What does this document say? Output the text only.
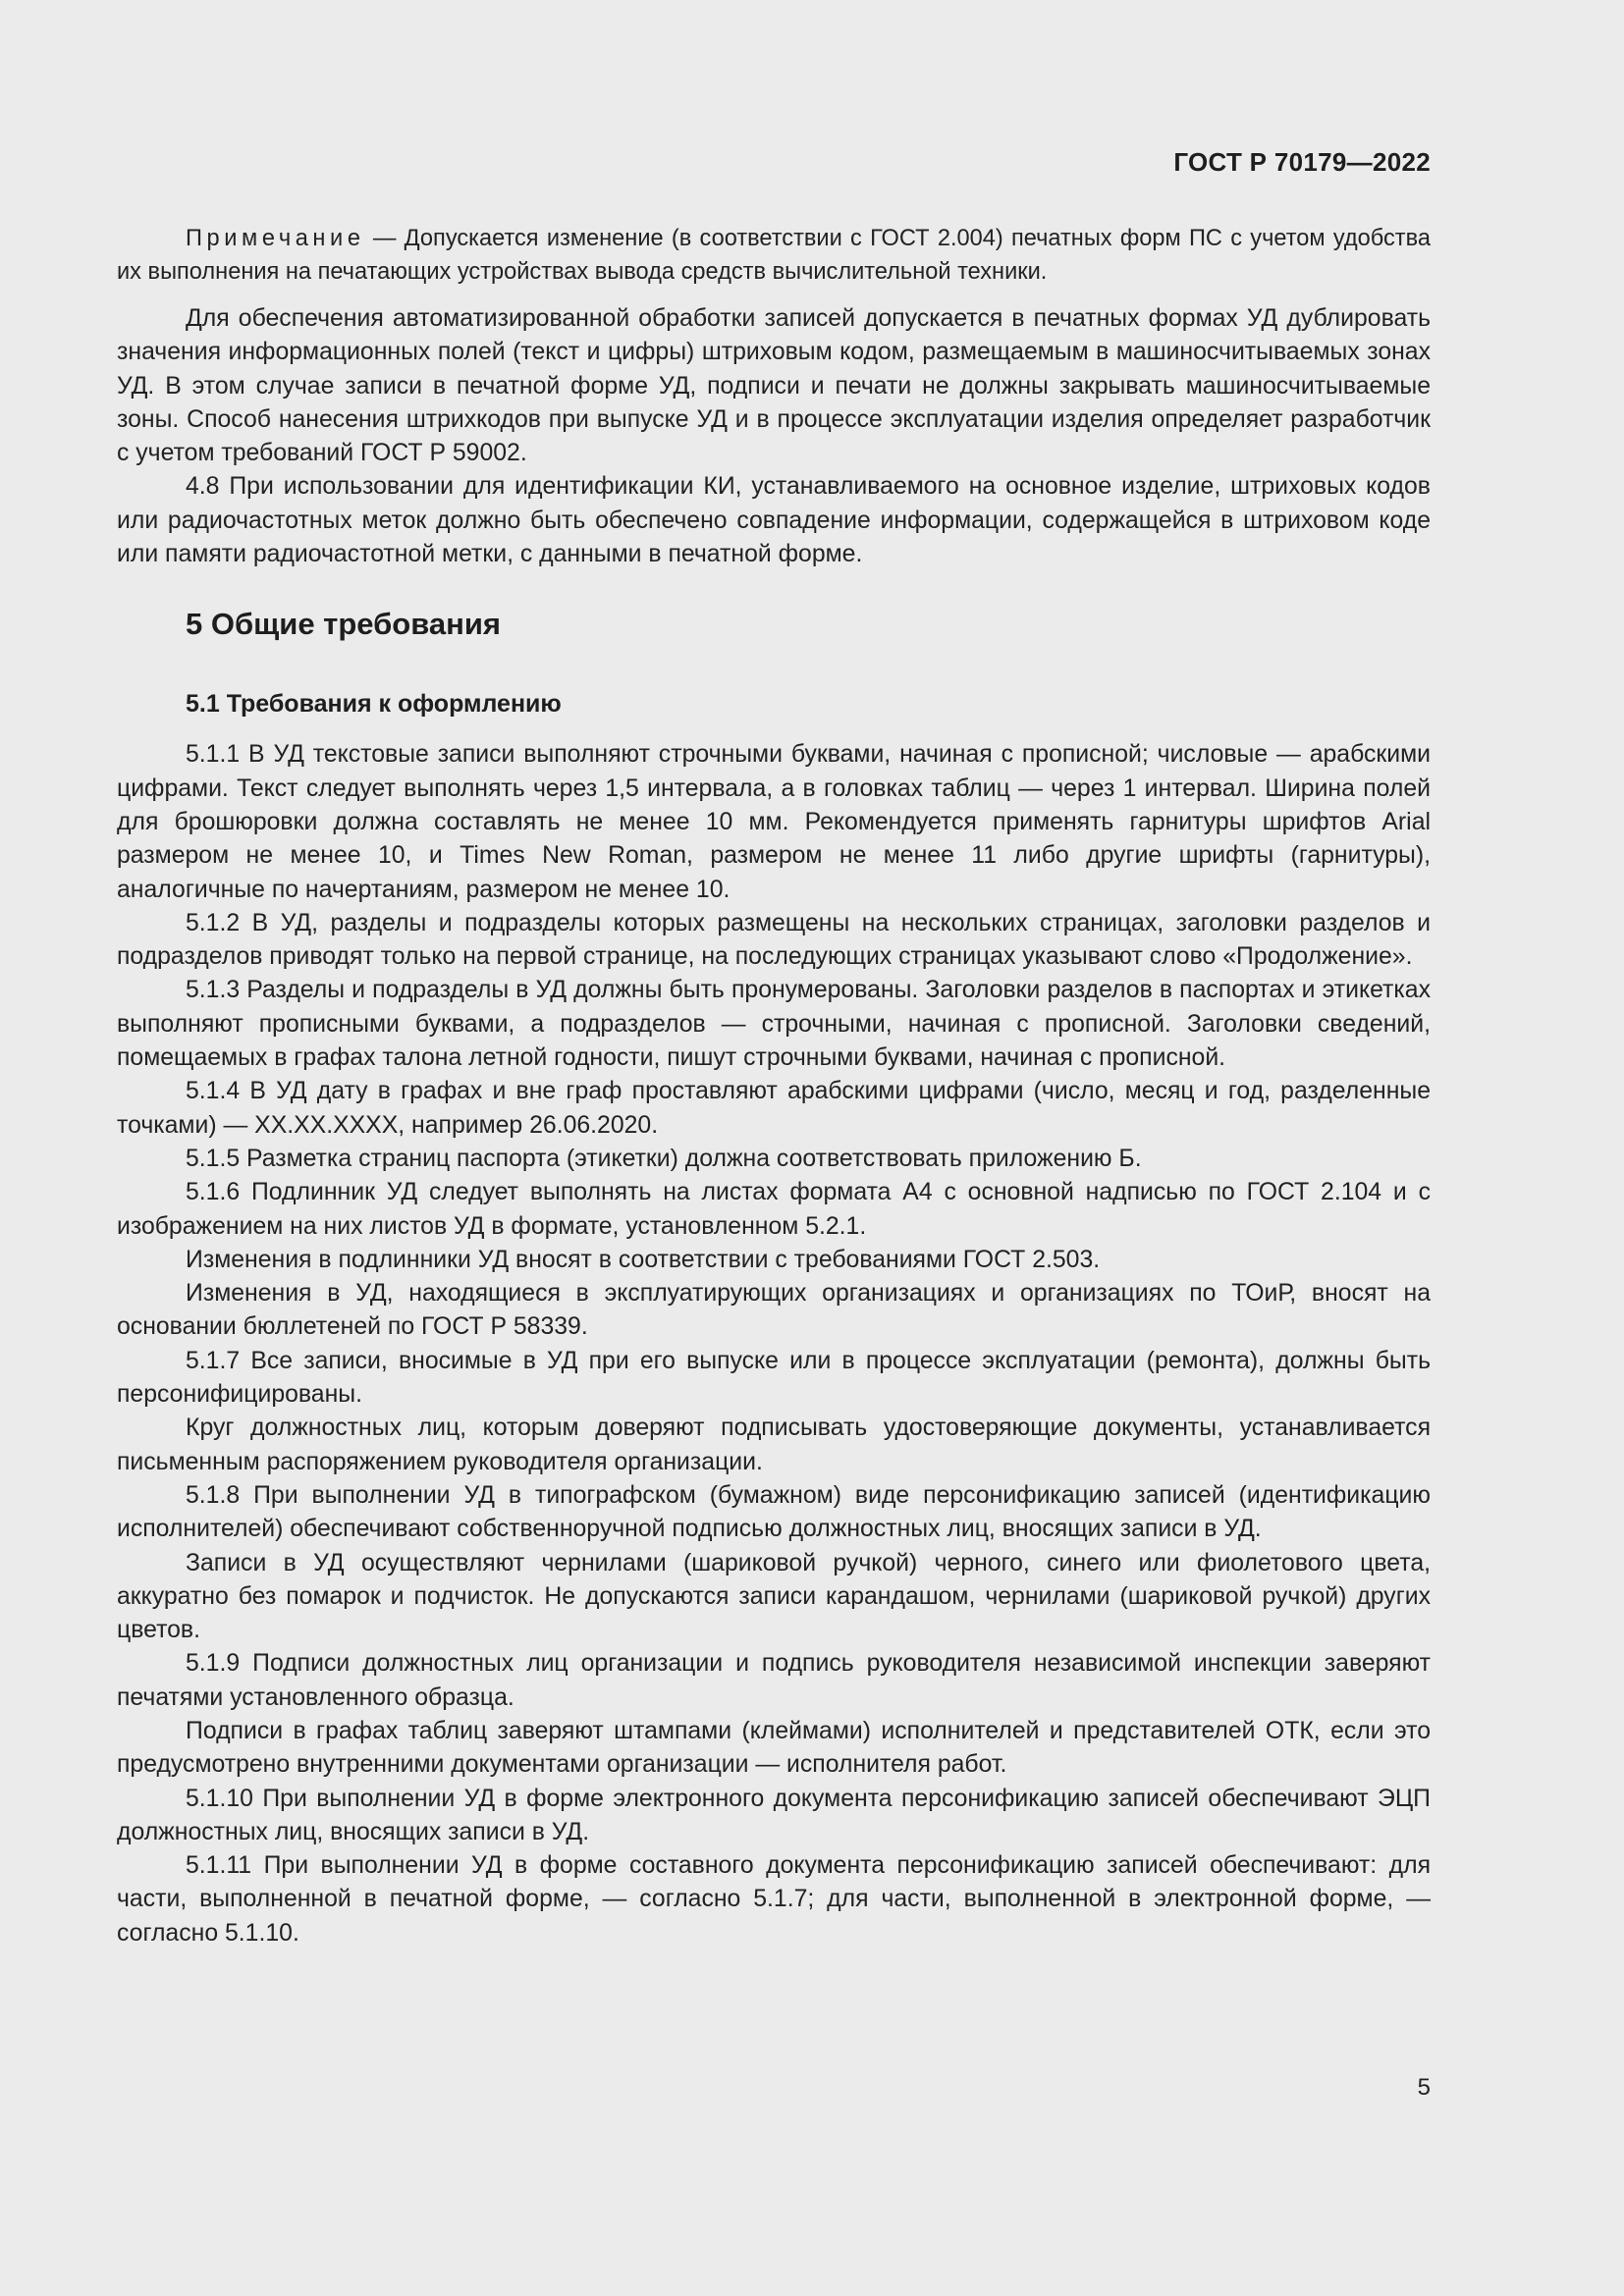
ГОСТ Р 70179—2022

Примечание — Допускается изменение (в соответствии с ГОСТ 2.004) печатных форм ПС с учетом удобства их выполнения на печатающих устройствах вывода средств вычислительной техники.

Для обеспечения автоматизированной обработки записей допускается в печатных формах УД дублировать значения информационных полей (текст и цифры) штриховым кодом, размещаемым в машиносчитываемых зонах УД. В этом случае записи в печатной форме УД, подписи и печати не должны закрывать машиносчитываемые зоны. Способ нанесения штрихкодов при выпуске УД и в процессе эксплуатации изделия определяет разработчик с учетом требований ГОСТ Р 59002.

4.8 При использовании для идентификации КИ, устанавливаемого на основное изделие, штриховых кодов или радиочастотных меток должно быть обеспечено совпадение информации, содержащейся в штриховом коде или памяти радиочастотной метки, с данными в печатной форме.

5 Общие требования
5.1 Требования к оформлению

5.1.1 В УД текстовые записи выполняют строчными буквами, начиная с прописной; числовые — арабскими цифрами. Текст следует выполнять через 1,5 интервала, а в головках таблиц — через 1 интервал. Ширина полей для брошюровки должна составлять не менее 10 мм. Рекомендуется применять гарнитуры шрифтов Arial размером не менее 10, и Times New Roman, размером не менее 11 либо другие шрифты (гарнитуры), аналогичные по начертаниям, размером не менее 10.

5.1.2 В УД, разделы и подразделы которых размещены на нескольких страницах, заголовки разделов и подразделов приводят только на первой странице, на последующих страницах указывают слово «Продолжение».

5.1.3 Разделы и подразделы в УД должны быть пронумерованы. Заголовки разделов в паспортах и этикетках выполняют прописными буквами, а подразделов — строчными, начиная с прописной. Заголовки сведений, помещаемых в графах талона летной годности, пишут строчными буквами, начиная с прописной.

5.1.4 В УД дату в графах и вне граф проставляют арабскими цифрами (число, месяц и год, разделенные точками) — XX.XX.XXXX, например 26.06.2020.

5.1.5 Разметка страниц паспорта (этикетки) должна соответствовать приложению Б.

5.1.6 Подлинник УД следует выполнять на листах формата А4 с основной надписью по ГОСТ 2.104 и с изображением на них листов УД в формате, установленном 5.2.1.

Изменения в подлинники УД вносят в соответствии с требованиями ГОСТ 2.503.

Изменения в УД, находящиеся в эксплуатирующих организациях и организациях по ТОиР, вносят на основании бюллетеней по ГОСТ Р 58339.

5.1.7 Все записи, вносимые в УД при его выпуске или в процессе эксплуатации (ремонта), должны быть персонифицированы.

Круг должностных лиц, которым доверяют подписывать удостоверяющие документы, устанавливается письменным распоряжением руководителя организации.

5.1.8 При выполнении УД в типографском (бумажном) виде персонификацию записей (идентификацию исполнителей) обеспечивают собственноручной подписью должностных лиц, вносящих записи в УД.

Записи в УД осуществляют чернилами (шариковой ручкой) черного, синего или фиолетового цвета, аккуратно без помарок и подчисток. Не допускаются записи карандашом, чернилами (шариковой ручкой) других цветов.

5.1.9 Подписи должностных лиц организации и подпись руководителя независимой инспекции заверяют печатями установленного образца.

Подписи в графах таблиц заверяют штампами (клеймами) исполнителей и представителей ОТК, если это предусмотрено внутренними документами организации — исполнителя работ.

5.1.10 При выполнении УД в форме электронного документа персонификацию записей обеспечивают ЭЦП должностных лиц, вносящих записи в УД.

5.1.11 При выполнении УД в форме составного документа персонификацию записей обеспечивают: для части, выполненной в печатной форме, — согласно 5.1.7; для части, выполненной в электронной форме, — согласно 5.1.10.

5
